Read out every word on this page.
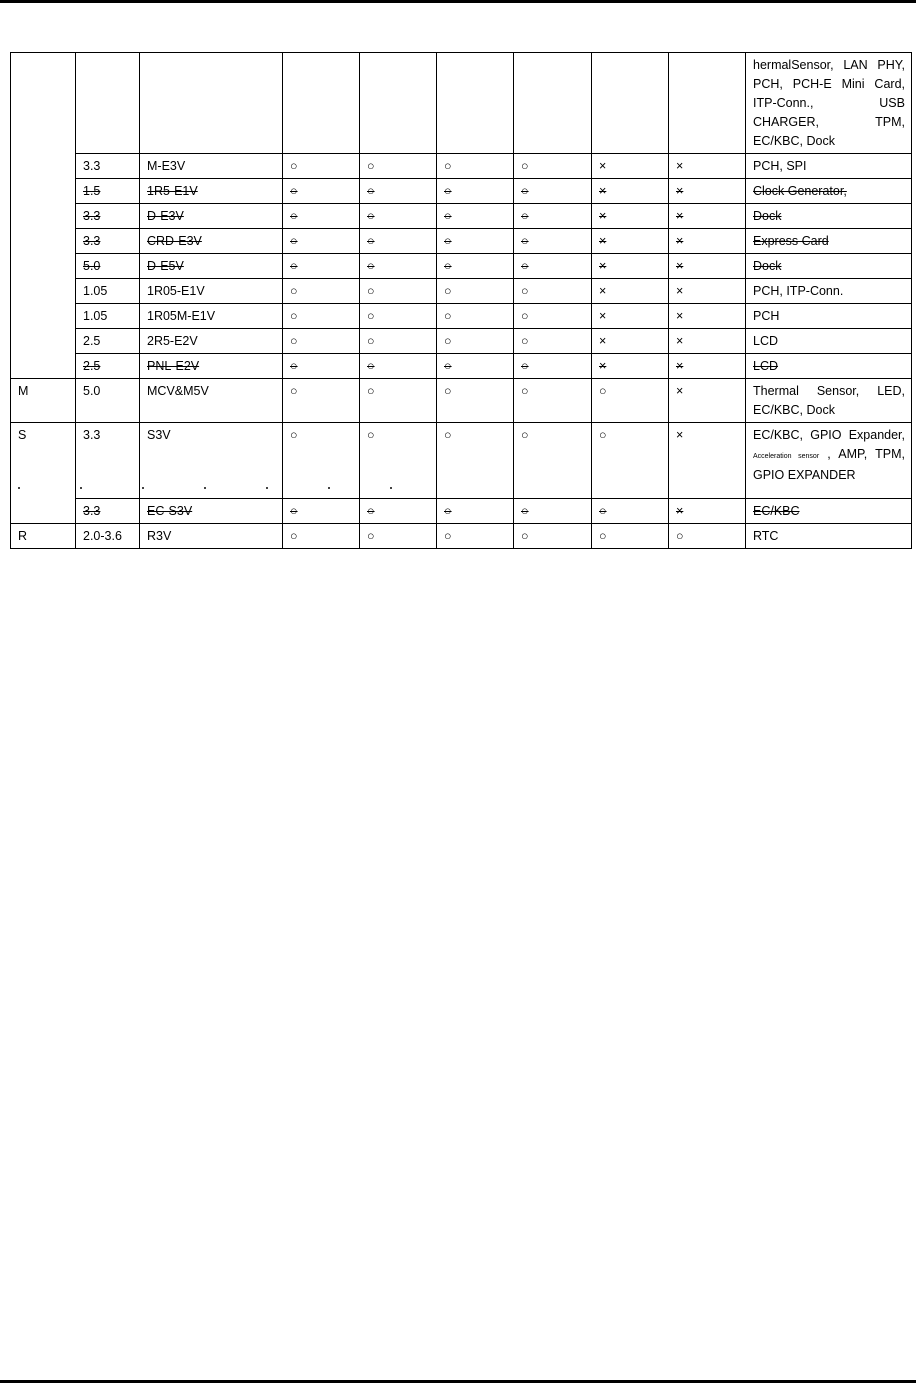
									hermalSensor, LAN PHY, PCH, PCH-E Mini Card, ITP-Conn., USB CHARGER, TPM, EC/KBC, Dock
	3.3	M-E3V	○	○	○	○	×	×	PCH, SPI
	1.5	1R5-E1V	○	○	○	○	×	×	Clock Generator,
	3.3	D-E3V	○	○	○	○	×	×	Dock
	3.3	CRD-E3V	○	○	○	○	×	×	Express Card
	5.0	D-E5V	○	○	○	○	×	×	Dock
	1.05	1R05-E1V	○	○	○	○	×	×	PCH, ITP-Conn.
	1.05	1R05M-E1V	○	○	○	○	×	×	PCH
	2.5	2R5-E2V	○	○	○	○	×	×	LCD
	2.5	PNL-E2V	○	○	○	○	×	×	LCD
M	5.0	MCV&M5V	○	○	○	○	○	×	Thermal Sensor, LED, EC/KBC, Dock
S	3.3	S3V	○	○	○	○	○	×	EC/KBC, GPIO Expander, Acceleration sensor , AMP, TPM, GPIO EXPANDER
	3.3	EC-S3V	○	○	○	○	○	×	EC/KBC
R	2.0-3.6	R3V	○	○	○	○	○	○	RTC
